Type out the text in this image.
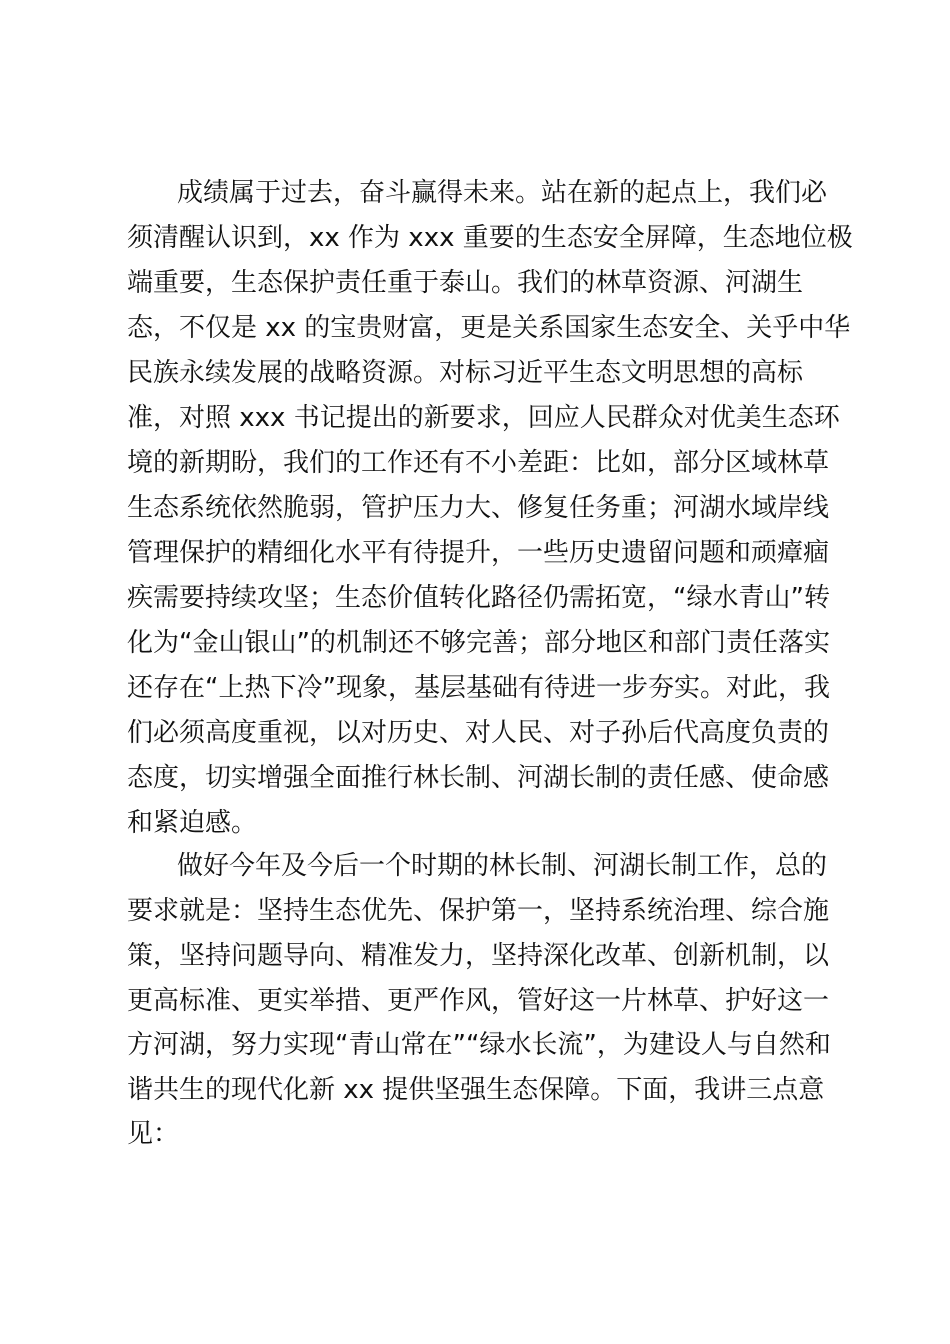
成绩属于过去，奋斗赢得未来。站在新的起点上，我们必
须清醒认识到，xx 作为 xxx 重要的生态安全屏障，生态地位极
端重要，生态保护责任重于泰山。我们的林草资源、河湖生
态，不仅是 xx 的宝贵财富，更是关系国家生态安全、关乎中华
民族永续发展的战略资源。对标习近平生态文明思想的高标
准，对照 xxx 书记提出的新要求，回应人民群众对优美生态环
境的新期盼，我们的工作还有不小差距：比如，部分区域林草
生态系统依然脆弱，管护压力大、修复任务重；河湖水域岸线
管理保护的精细化水平有待提升，一些历史遗留问题和顽瘴痼
疾需要持续攻坚；生态价值转化路径仍需拓宽，“绿水青山”转
化为“金山银山”的机制还不够完善；部分地区和部门责任落实
还存在“上热下冷”现象，基层基础有待进一步夯实。对此，我
们必须高度重视，以对历史、对人民、对子孙后代高度负责的
态度，切实增强全面推行林长制、河湖长制的责任感、使命感
和紧迫感。
做好今年及今后一个时期的林长制、河湖长制工作，总的
要求就是：坚持生态优先、保护第一，坚持系统治理、综合施
策，坚持问题导向、精准发力，坚持深化改革、创新机制，以
更高标准、更实举措、更严作风，管好这一片林草、护好这一
方河湖，努力实现“青山常在”“绿水长流”，为建设人与自然和
谐共生的现代化新 xx 提供坚强生态保障。下面，我讲三点意
见：
